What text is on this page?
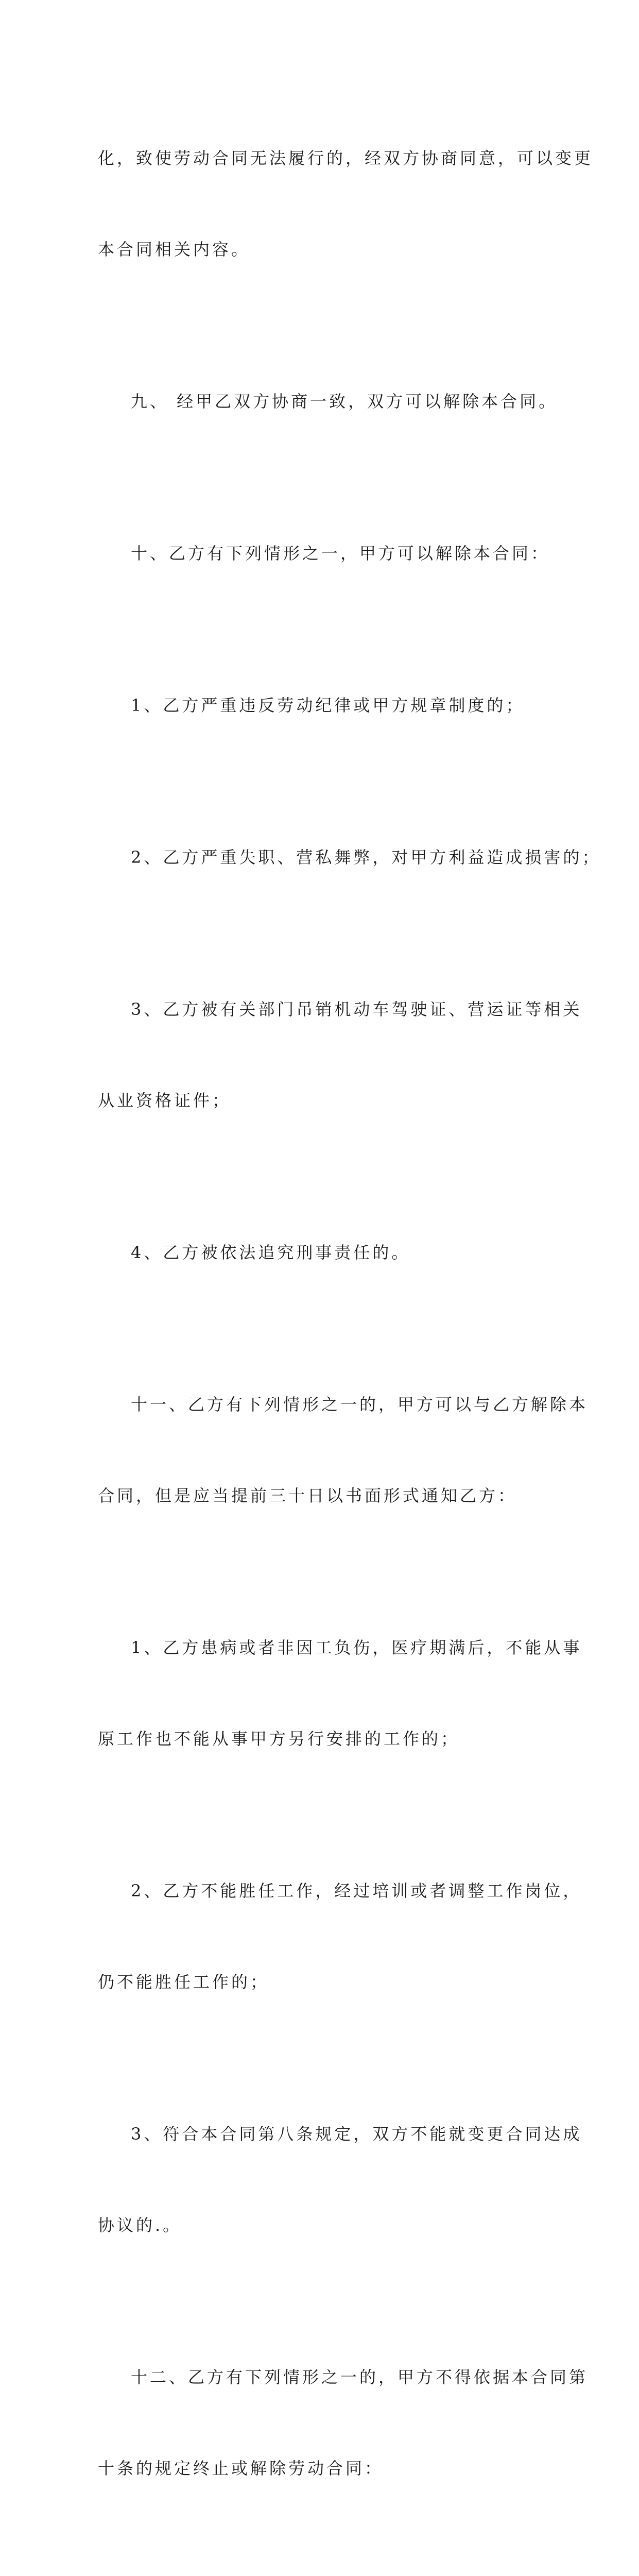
化，致使劳动合同无法履行的，经双方协商同意，可以变更

本合同相关内容。

九、 经甲乙双方协商一致，双方可以解除本合同。

十、乙方有下列情形之一，甲方可以解除本合同：

1、乙方严重违反劳动纪律或甲方规章制度的；

2、乙方严重失职、营私舞弊，对甲方利益造成损害的；

3、乙方被有关部门吊销机动车驾驶证、营运证等相关

从业资格证件；

4、乙方被依法追究刑事责任的。

十一、乙方有下列情形之一的，甲方可以与乙方解除本

合同，但是应当提前三十日以书面形式通知乙方：

1、乙方患病或者非因工负伤，医疗期满后，不能从事

原工作也不能从事甲方另行安排的工作的；

2、乙方不能胜任工作，经过培训或者调整工作岗位，

仍不能胜任工作的；

3、符合本合同第八条规定，双方不能就变更合同达成

协议的.。

十二、乙方有下列情形之一的，甲方不得依据本合同第

十条的规定终止或解除劳动合同：
